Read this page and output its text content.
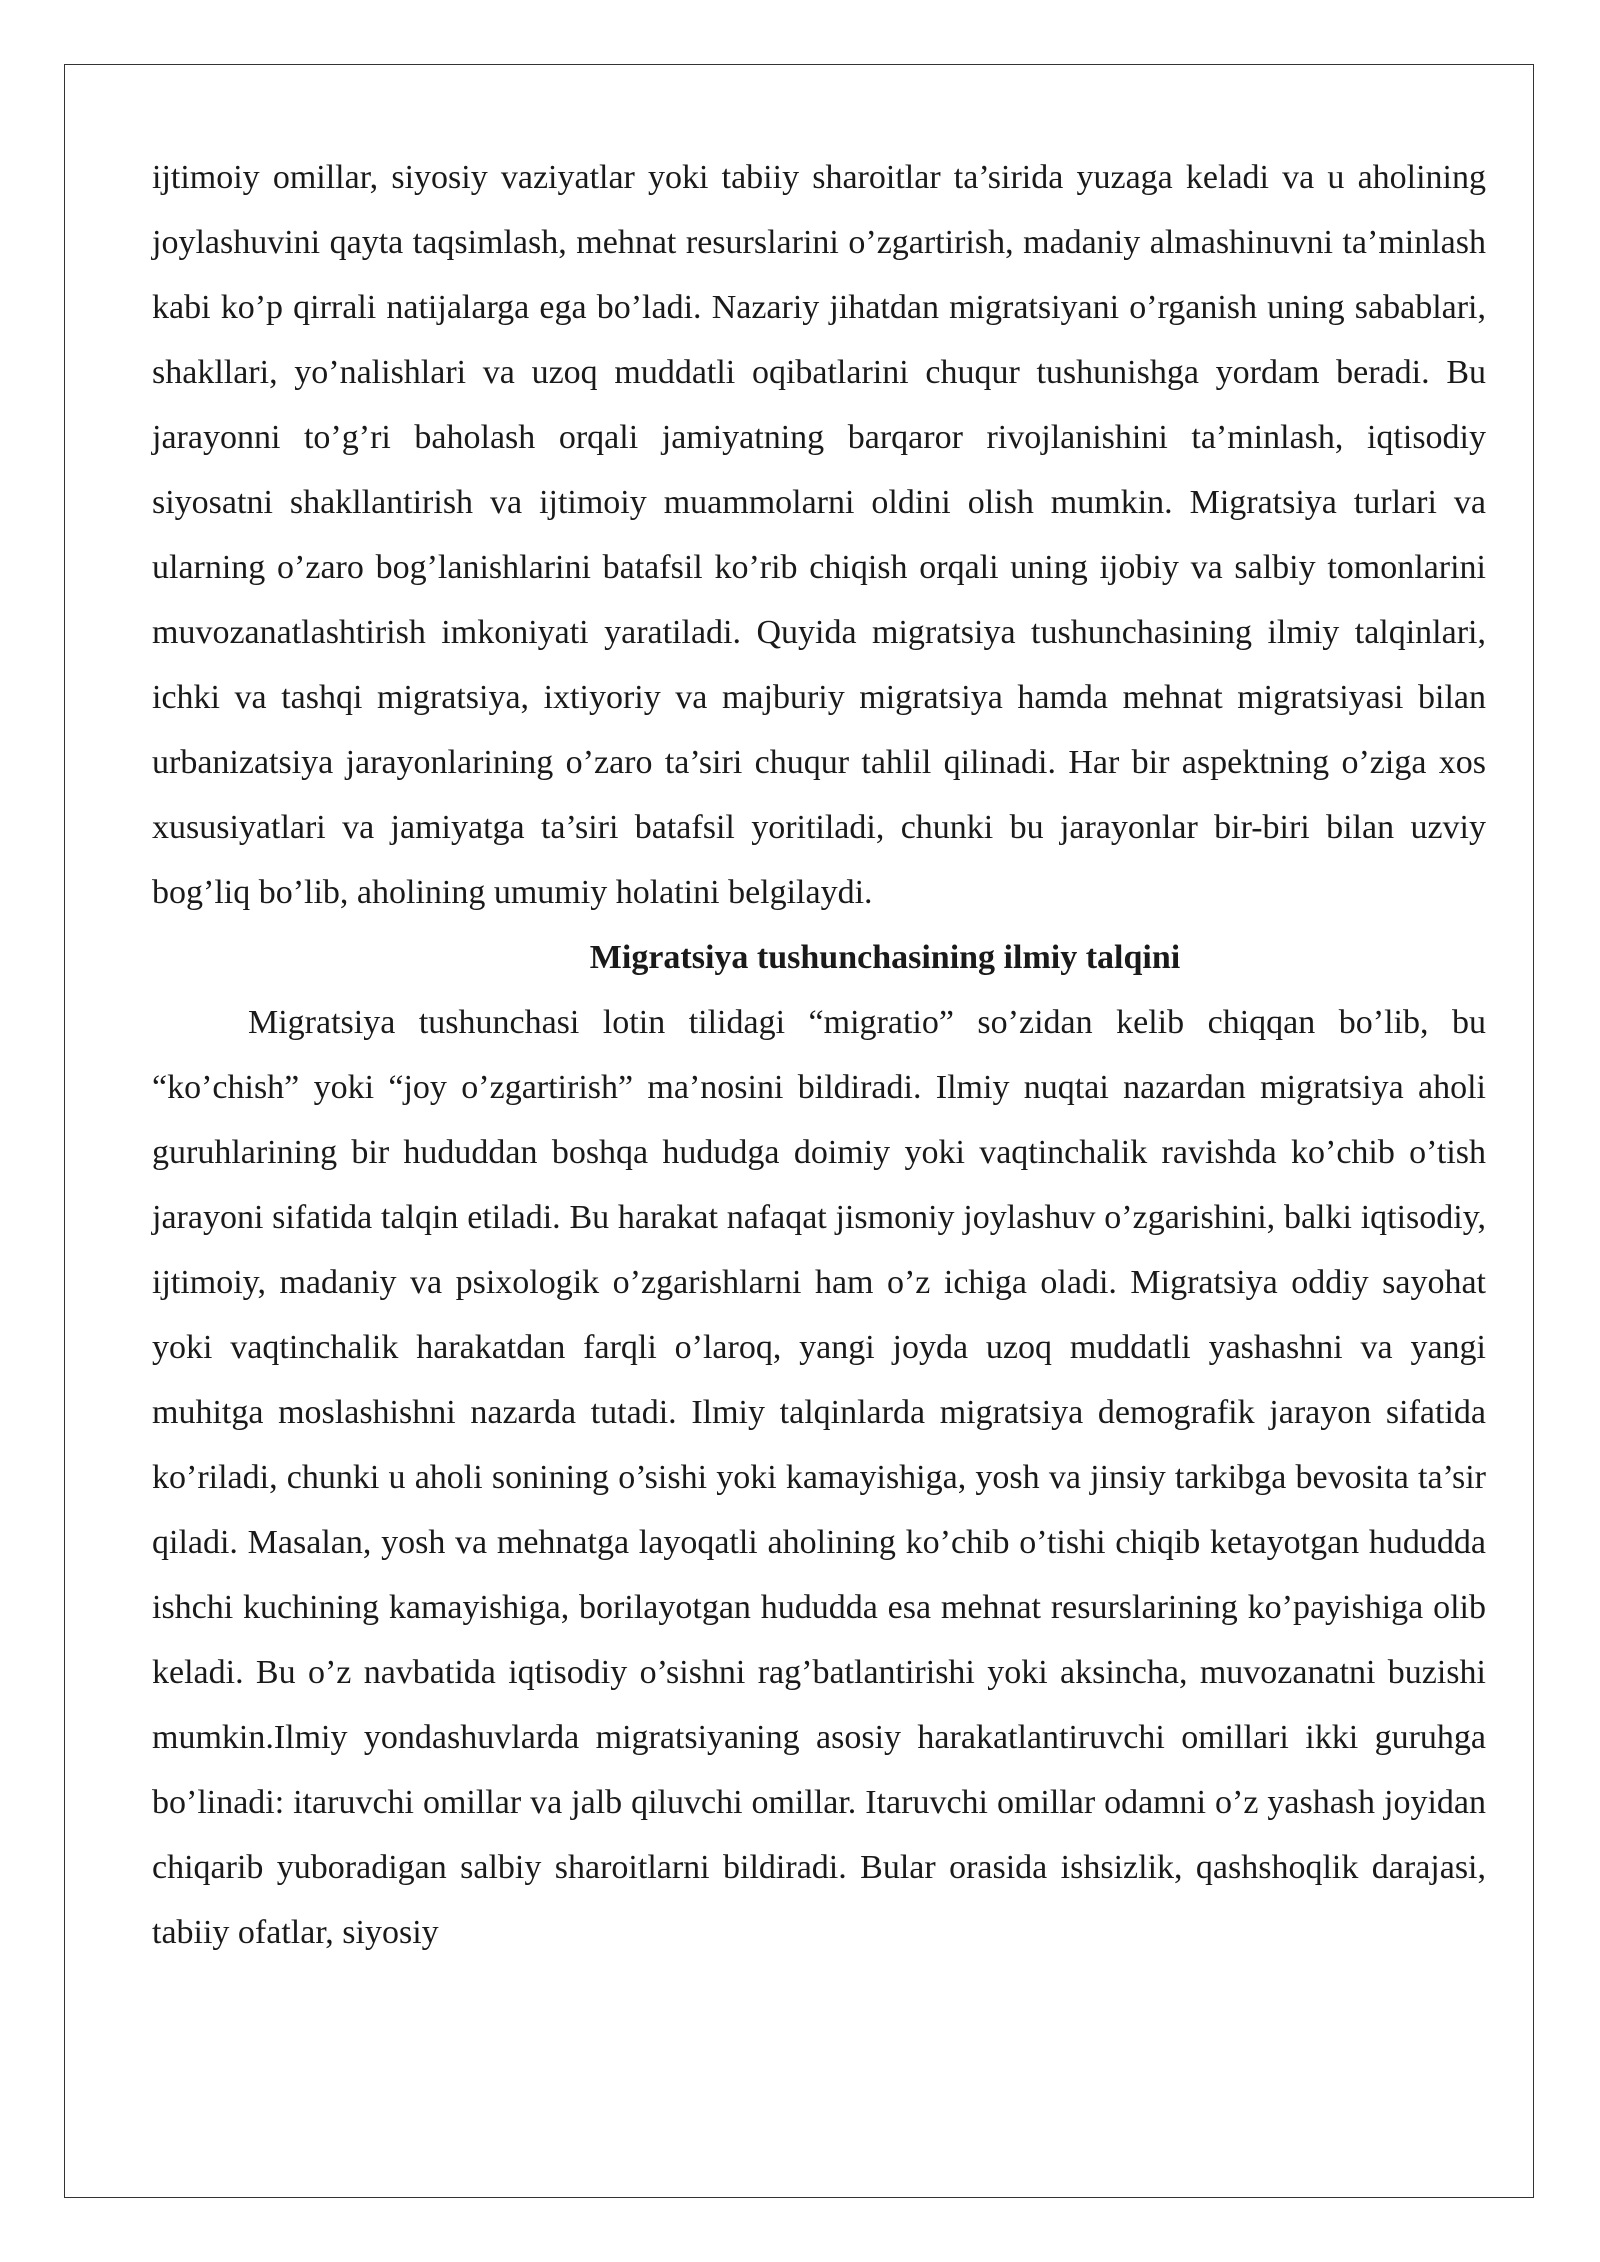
ijtimoiy omillar, siyosiy vaziyatlar yoki tabiiy sharoitlar ta’sirida yuzaga keladi va u aholining joylashuvini qayta taqsimlash, mehnat resurslarini o’zgartirish, madaniy almashinuvni ta’minlash kabi ko’p qirrali natijalarga ega bo’ladi. Nazariy jihatdan migratsiyani o’rganish uning sabablari, shakllari, yo’nalishlari va uzoq muddatli oqibatlarini chuqur tushunishga yordam beradi. Bu jarayonni to’g’ri baholash orqali jamiyatning barqaror rivojlanishini ta’minlash, iqtisodiy siyosatni shakllantirish va ijtimoiy muammolarni oldini olish mumkin. Migratsiya turlari va ularning o’zaro bog’lanishlarini batafsil ko’rib chiqish orqali uning ijobiy va salbiy tomonlarini muvozanatlashtirish imkoniyati yaratiladi. Quyida migratsiya tushunchasining ilmiy talqinlari, ichki va tashqi migratsiya, ixtiyoriy va majburiy migratsiya hamda mehnat migratsiyasi bilan urbanizatsiya jarayonlarining o’zaro ta’siri chuqur tahlil qilinadi. Har bir aspektning o’ziga xos xususiyatlari va jamiyatga ta’siri batafsil yoritiladi, chunki bu jarayonlar bir-biri bilan uzviy bog’liq bo’lib, aholining umumiy holatini belgilaydi.

Migratsiya tushunchasining ilmiy talqini

Migratsiya tushunchasi lotin tilidagi “migratio” so’zidan kelib chiqqan bo’lib, bu “ko’chish” yoki “joy o’zgartirish” ma’nosini bildiradi. Ilmiy nuqtai nazardan migratsiya aholi guruhlarining bir hududdan boshqa hududga doimiy yoki vaqtinchalik ravishda ko’chib o’tish jarayoni sifatida talqin etiladi. Bu harakat nafaqat jismoniy joylashuv o’zgarishini, balki iqtisodiy, ijtimoiy, madaniy va psixologik o’zgarishlarni ham o’z ichiga oladi. Migratsiya oddiy sayohat yoki vaqtinchalik harakatdan farqli o’laroq, yangi joyda uzoq muddatli yashashni va yangi muhitga moslashishni nazarda tutadi. Ilmiy talqinlarda migratsiya demografik jarayon sifatida ko’riladi, chunki u aholi sonining o’sishi yoki kamayishiga, yosh va jinsiy tarkibga bevosita ta’sir qiladi. Masalan, yosh va mehnatga layoqatli aholining ko’chib o’tishi chiqib ketayotgan hududda ishchi kuchining kamayishiga, borilayotgan hududda esa mehnat resurslarining ko’payishiga olib keladi. Bu o’z navbatida iqtisodiy o’sishni rag’batlantirishi yoki aksincha, muvozanatni buzishi mumkin.Ilmiy yondashuvlarda migratsiyaning asosiy harakatlantiruvchi omillari ikki guruhga bo’linadi: itaruvchi omillar va jalb qiluvchi omillar. Itaruvchi omillar odamni o’z yashash joyidan chiqarib yuboradigan salbiy sharoitlarni bildiradi. Bular orasida ishsizlik, qashshoqlik darajasi, tabiiy ofatlar, siyosiy
